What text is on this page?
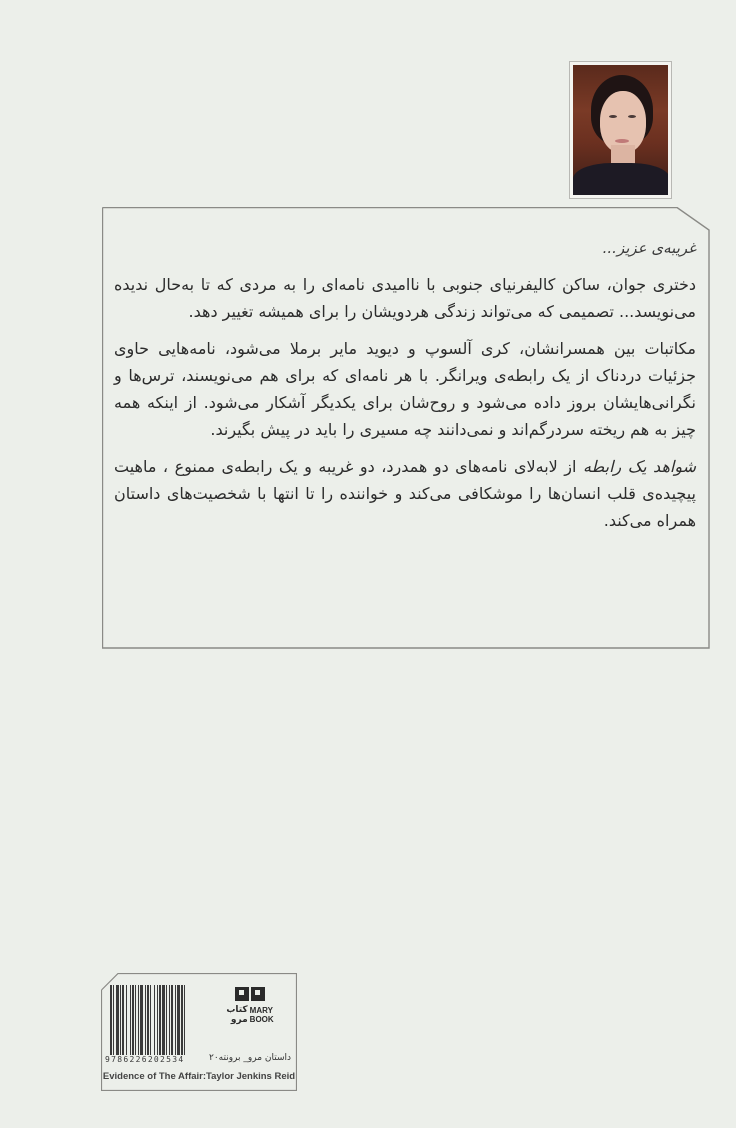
غریبه‌ی عزیز...

دختری جوان، ساکن کالیفرنیای جنوبی با ناامیدی نامه‌ای را به مردی که تا به‌حال ندیده می‌نویسد... تصمیمی که می‌تواند زندگی هردویشان را برای همیشه تغییر دهد.

مکاتبات بین همسرانشان، کری آلسوپ و دیوید مایر برملا می‌شود، نامه‌هایی حاوی جزئیات دردناک از یک رابطه‌ی ویرانگر. با هر نامه‌ای که برای هم می‌نویسند، ترس‌ها و نگرانی‌هایشان بروز داده می‌شود و روح‌شان برای یکدیگر آشکار می‌شود. از اینکه همه چیز به هم ریخته سردرگم‌اند و نمی‌دانند چه مسیری را باید در پیش بگیرند.

شواهد یک رابطه از لابه‌لای نامه‌های دو همدرد، دو غریبه و یک رابطه‌ی ممنوع ، ماهیت پیچیده‌ی قلب انسان‌ها را موشکافی می‌کند و خواننده را تا انتها با شخصیت‌های داستان همراه می‌کند.

9786226202534
کتاب
مرو
MARY
BOOK
داستان مرو_ برونته۲۰
Evidence of The Affair:Taylor Jenkins Reid
